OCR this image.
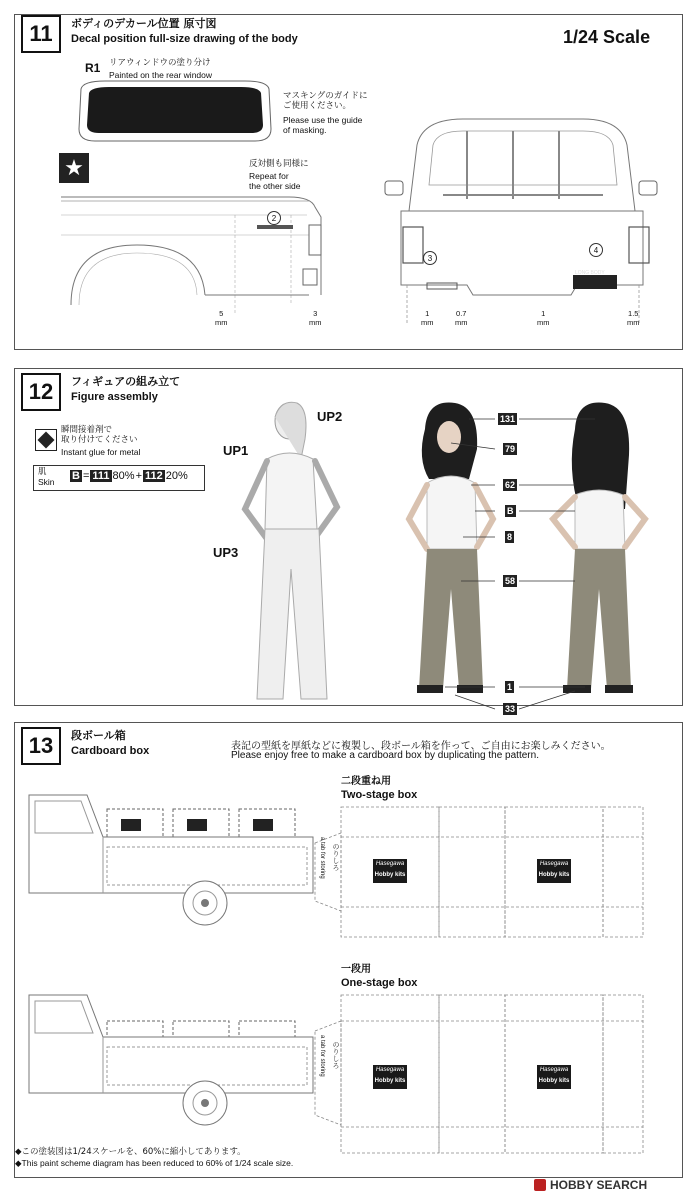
11	ボディのデカール位置 原寸図
Decal position full-size drawing of the body	1/24 Scale
R1 リアウィンドウの塗り分け
Painted on the rear window
マスキングのガイドに
ご使用ください。
Please use the guide
of masking.
★	反対側も同様に
Repeat for
the other side
2
5
mm
3
mm
3
4
Sunny
LONG BODY
1
mm
0.7
mm
1
mm
1.5
mm
12	フィギュアの組み立て
Figure assembly
瞬間接着剤で
取り付けてください
Instant glue for metal
肌
Skin B = 111 80% + 112 20%
UP1
UP2
UP3
131
79
62
B
8
58
1
33
13	段ボール箱
Cardboard box	表記の型紙を厚紙などに複製し、段ボール箱を作って、ご自由にお楽しみください。
Please enjoy free to make a cardboard box by duplicating the pattern.
二段重ね用
Two-stage box
のりしろ
a tab for storing	Hasegawa
Hobby kits
Hasegawa
Hobby kits
一段用
One-stage box
のりしろ
a tab for storing	Hasegawa
Hobby kits
Hasegawa
Hobby kits
◆この塗装図は1/24スケールを、60%に縮小してあります。
◆This paint scheme diagram has been reduced to 60% of 1/24 scale size.
HOBBY SEARCH
